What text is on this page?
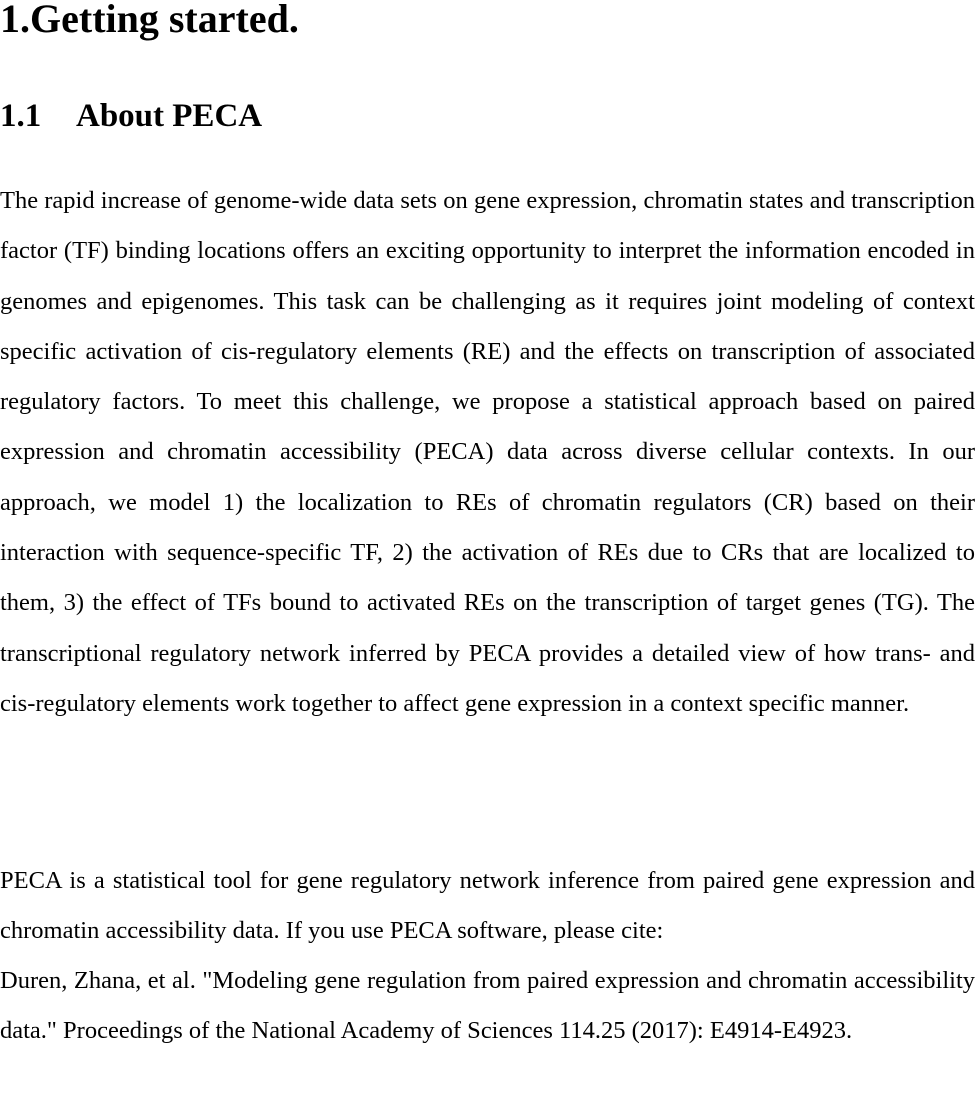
1.Getting started.
1.1 About PECA

The rapid increase of genome-wide data sets on gene expression, chromatin states and transcription factor (TF) binding locations offers an exciting opportunity to interpret the information encoded in genomes and epigenomes. This task can be challenging as it requires joint modeling of context specific activation of cis-regulatory elements (RE) and the effects on transcription of associated regulatory factors. To meet this challenge, we propose a statistical approach based on paired expression and chromatin accessibility (PECA) data across diverse cellular contexts. In our approach, we model 1) the localization to REs of chromatin regulators (CR) based on their interaction with sequence-specific TF, 2) the activation of REs due to CRs that are localized to them, 3) the effect of TFs bound to activated REs on the transcription of target genes (TG). The transcriptional regulatory network inferred by PECA provides a detailed view of how trans- and cis-regulatory elements work together to affect gene expression in a context specific manner.

PECA is a statistical tool for gene regulatory network inference from paired gene expression and chromatin accessibility data. If you use PECA software, please cite:

Duren, Zhana, et al. "Modeling gene regulation from paired expression and chromatin accessibility data." Proceedings of the National Academy of Sciences 114.25 (2017): E4914-E4923.
